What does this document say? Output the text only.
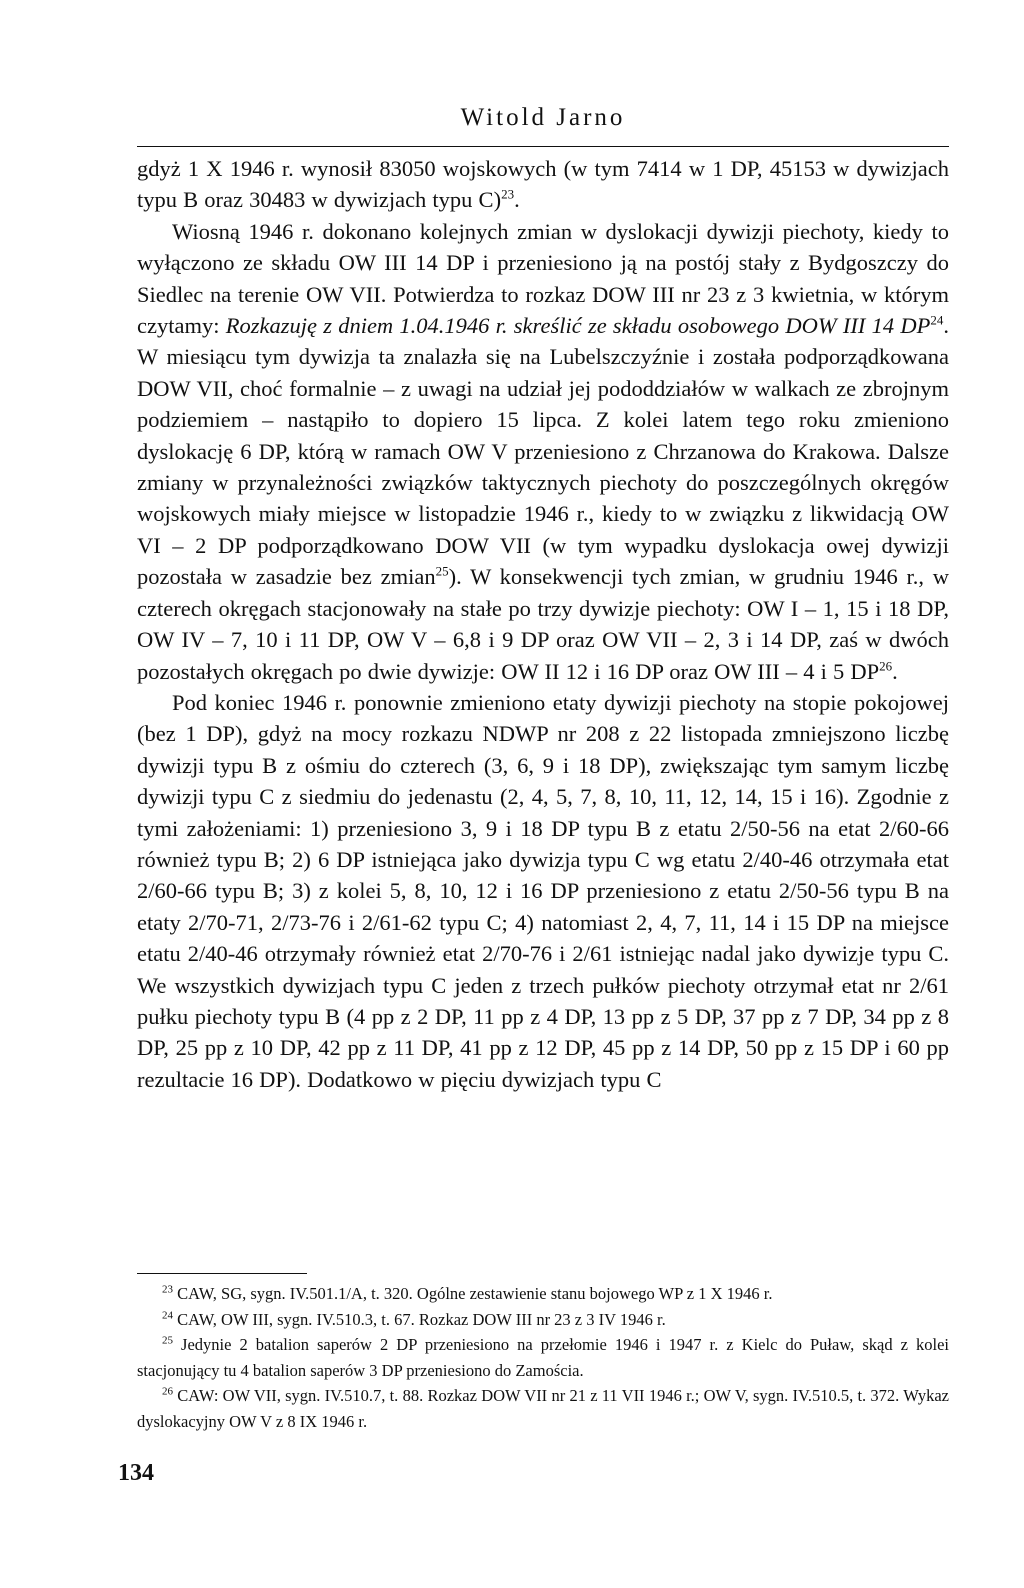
Witold Jarno

gdyż 1 X 1946 r. wynosił 83050 wojskowych (w tym 7414 w 1 DP, 45153 w dywizjach typu B oraz 30483 w dywizjach typu C)$^{23}$.

Wiosną 1946 r. dokonano kolejnych zmian w dyslokacji dywizji piechoty, kiedy to wyłączono ze składu OW III 14 DP i przeniesiono ją na postój stały z Bydgoszczy do Siedlec na terenie OW VII. Potwierdza to rozkaz DOW III nr 23 z 3 kwietnia, w którym czytamy: Rozkazuję z dniem 1.04.1946 r. skreślić ze składu osobowego DOW III 14 DP$^{24}$. W miesiącu tym dywizja ta znalazła się na Lubelszczyźnie i została podporządkowana DOW VII, choć formalnie – z uwagi na udział jej pododdziałów w walkach ze zbrojnym podziemiem – nastąpiło to dopiero 15 lipca. Z kolei latem tego roku zmieniono dyslokację 6 DP, którą w ramach OW V przeniesiono z Chrzanowa do Krakowa. Dalsze zmiany w przynależności związków taktycznych piechoty do poszczególnych okręgów wojskowych miały miejsce w listopadzie 1946 r., kiedy to w związku z likwidacją OW VI – 2 DP podporządkowano DOW VII (w tym wypadku dyslokacja owej dywizji pozostała w zasadzie bez zmian$^{25}$). W konsekwencji tych zmian, w grudniu 1946 r., w czterech okręgach stacjonowały na stałe po trzy dywizje piechoty: OW I – 1, 15 i 18 DP, OW IV – 7, 10 i 11 DP, OW V – 6,8 i 9 DP oraz OW VII – 2, 3 i 14 DP, zaś w dwóch pozostałych okręgach po dwie dywizje: OW II 12 i 16 DP oraz OW III – 4 i 5 DP$^{26}$.

Pod koniec 1946 r. ponownie zmieniono etaty dywizji piechoty na stopie pokojowej (bez 1 DP), gdyż na mocy rozkazu NDWP nr 208 z 22 listopada zmniejszono liczbę dywizji typu B z ośmiu do czterech (3, 6, 9 i 18 DP), zwiększając tym samym liczbę dywizji typu C z siedmiu do jedenastu (2, 4, 5, 7, 8, 10, 11, 12, 14, 15 i 16). Zgodnie z tymi założeniami: 1) przeniesiono 3, 9 i 18 DP typu B z etatu 2/50-56 na etat 2/60-66 również typu B; 2) 6 DP istniejąca jako dywizja typu C wg etatu 2/40-46 otrzymała etat 2/60-66 typu B; 3) z kolei 5, 8, 10, 12 i 16 DP przeniesiono z etatu 2/50-56 typu B na etaty 2/70-71, 2/73-76 i 2/61-62 typu C; 4) natomiast 2, 4, 7, 11, 14 i 15 DP na miejsce etatu 2/40-46 otrzymały również etat 2/70-76 i 2/61 istniejąc nadal jako dywizje typu C. We wszystkich dywizjach typu C jeden z trzech pułków piechoty otrzymał etat nr 2/61 pułku piechoty typu B (4 pp z 2 DP, 11 pp z 4 DP, 13 pp z 5 DP, 37 pp z 7 DP, 34 pp z 8 DP, 25 pp z 10 DP, 42 pp z 11 DP, 41 pp z 12 DP, 45 pp z 14 DP, 50 pp z 15 DP i 60 pp rezultacie 16 DP). Dodatkowo w pięciu dywizjach typu C

$^{23}$ CAW, SG, sygn. IV.501.1/A, t. 320. Ogólne zestawienie stanu bojowego WP z 1 X 1946 r.

$^{24}$ CAW, OW III, sygn. IV.510.3, t. 67. Rozkaz DOW III nr 23 z 3 IV 1946 r.

$^{25}$ Jedynie 2 batalion saperów 2 DP przeniesiono na przełomie 1946 i 1947 r. z Kielc do Puław, skąd z kolei stacjonujący tu 4 batalion saperów 3 DP przeniesiono do Zamościa.

$^{26}$ CAW: OW VII, sygn. IV.510.7, t. 88. Rozkaz DOW VII nr 21 z 11 VII 1946 r.; OW V, sygn. IV.510.5, t. 372. Wykaz dyslokacyjny OW V z 8 IX 1946 r.

134
